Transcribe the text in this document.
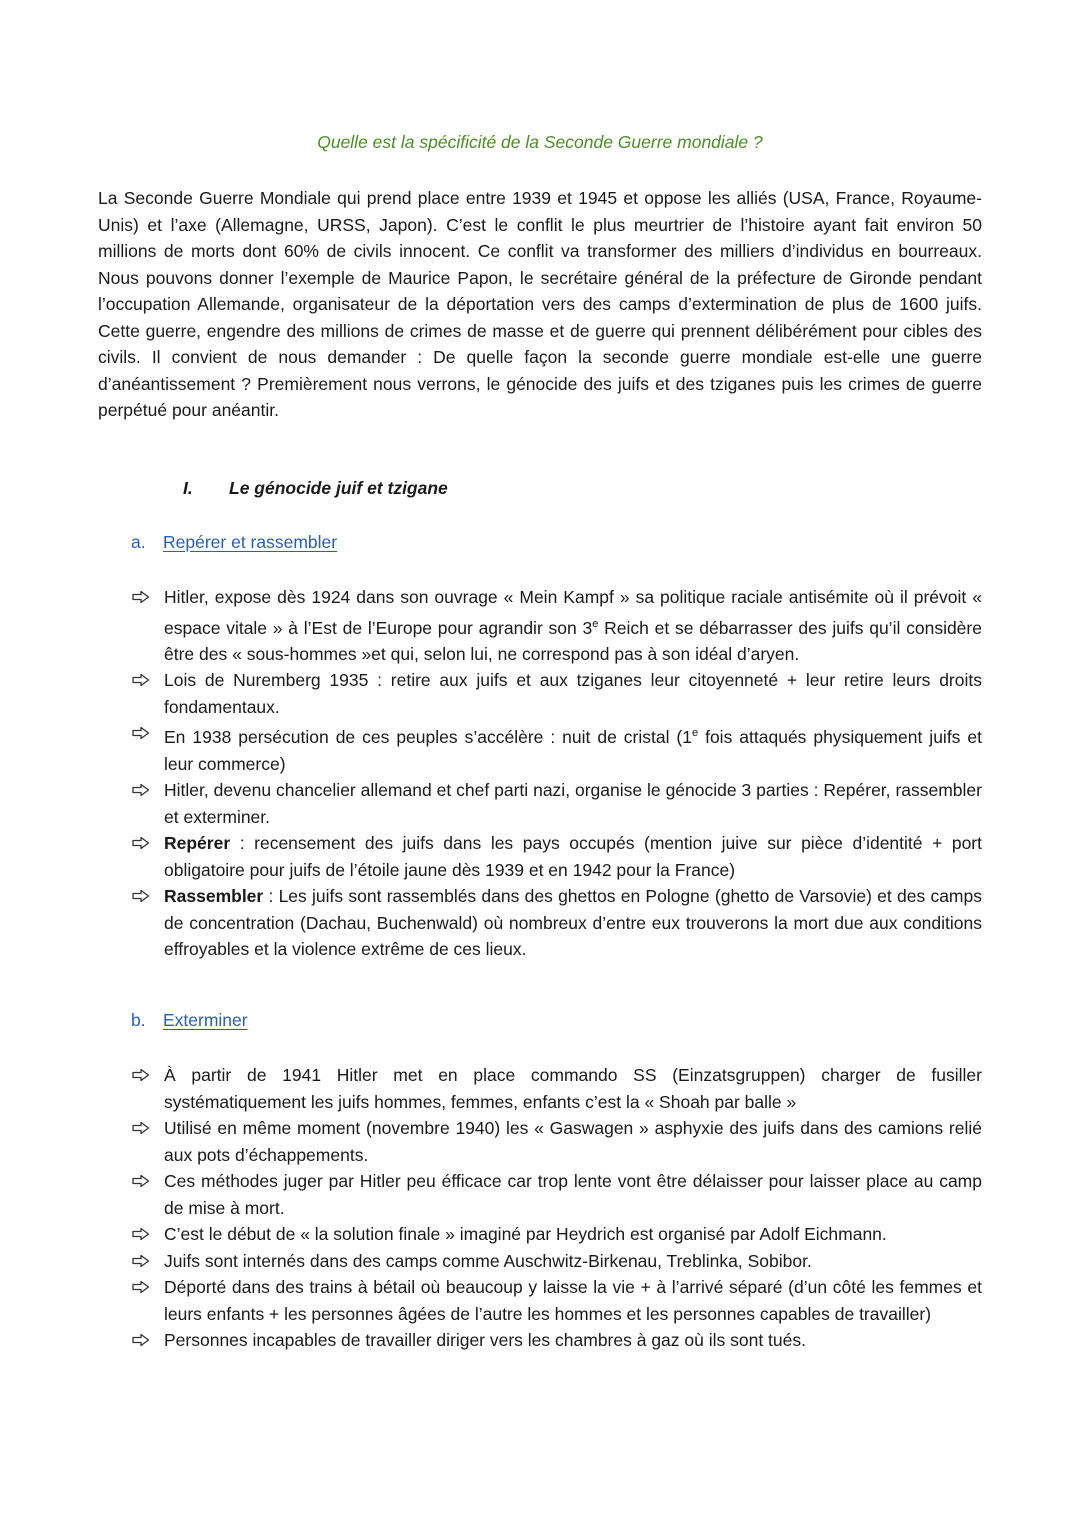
Quelle est la spécificité de la Seconde Guerre mondiale ?

La Seconde Guerre Mondiale qui prend place entre 1939 et 1945 et oppose les alliés (USA, France, Royaume-Unis) et l’axe (Allemagne, URSS, Japon). C’est le conflit le plus meurtrier de l’histoire ayant fait environ 50 millions de morts dont 60% de civils innocent. Ce conflit va transformer des milliers d’individus en bourreaux. Nous pouvons donner l’exemple de Maurice Papon, le secrétaire général de la préfecture de Gironde pendant l’occupation Allemande, organisateur de la déportation vers des camps d’extermination de plus de 1600 juifs. Cette guerre, engendre des millions de crimes de masse et de guerre qui prennent délibérément pour cibles des civils. Il convient de nous demander : De quelle façon la seconde guerre mondiale est-elle une guerre d’anéantissement ? Premièrement nous verrons, le génocide des juifs et des tziganes puis les crimes de guerre perpétué pour anéantir.

I. Le génocide juif et tzigane
a. Repérer et rassembler
Hitler, expose dès 1924 dans son ouvrage « Mein Kampf » sa politique raciale antisémite où il prévoit « espace vitale » à l’Est de l’Europe pour agrandir son 3e Reich et se débarrasser des juifs qu’il considère être des « sous-hommes »et qui, selon lui, ne correspond pas à son idéal d’aryen.
Lois de Nuremberg 1935 : retire aux juifs et aux tziganes leur citoyenneté + leur retire leurs droits fondamentaux.
En 1938 persécution de ces peuples s’accélère : nuit de cristal (1e fois attaqués physiquement juifs et leur commerce)
Hitler, devenu chancelier allemand et chef parti nazi, organise le génocide 3 parties : Repérer, rassembler et exterminer.
Repérer : recensement des juifs dans les pays occupés (mention juive sur pièce d’identité + port obligatoire pour juifs de l’étoile jaune dès 1939 et en 1942 pour la France)
Rassembler : Les juifs sont rassemblés dans des ghettos en Pologne (ghetto de Varsovie) et des camps de concentration (Dachau, Buchenwald) où nombreux d’entre eux trouverons la mort due aux conditions effroyables et la violence extrême de ces lieux.
b. Exterminer
À partir de 1941 Hitler met en place commando SS (Einzatsgruppen) charger de fusiller systématiquement les juifs hommes, femmes, enfants c’est la « Shoah par balle »
Utilisé en même moment (novembre 1940) les « Gaswagen » asphyxie des juifs dans des camions relié aux pots d’échappements.
Ces méthodes juger par Hitler peu éfficace car trop lente vont être délaisser pour laisser place au camp de mise à mort.
C’est le début de « la solution finale » imaginé par Heydrich est organisé par Adolf Eichmann.
Juifs sont internés dans des camps comme Auschwitz-Birkenau, Treblinka, Sobibor.
Déporté dans des trains à bétail où beaucoup y laisse la vie + à l’arrivé séparé (d’un côté les femmes et leurs enfants + les personnes âgées de l’autre les hommes et les personnes capables de travailler)
Personnes incapables de travailler diriger vers les chambres à gaz où ils sont tués.
